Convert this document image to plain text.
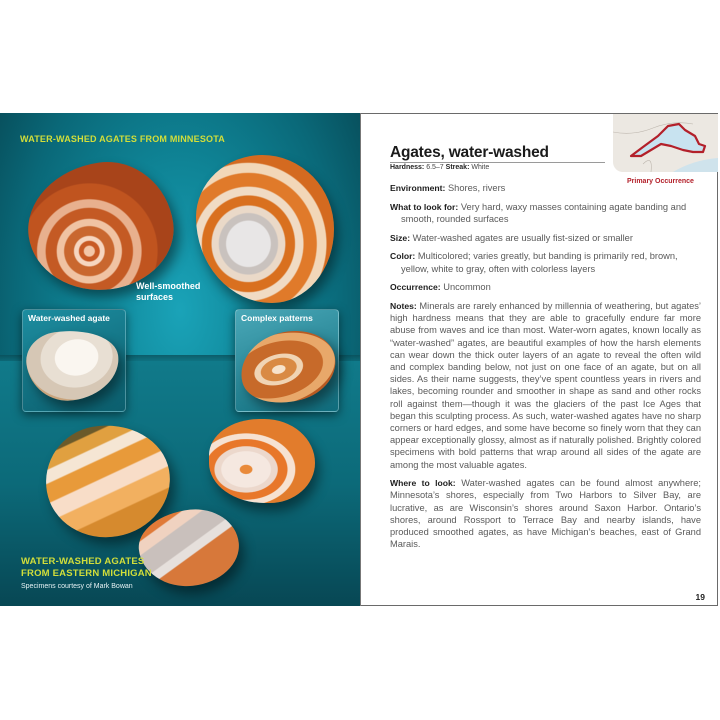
WATER-WASHED AGATES FROM MINNESOTA
Well-smoothed
surfaces
Water-washed agate	Complex patterns
WATER-WASHED AGATES
FROM EASTERN MICHIGAN
Specimens courtesy of Mark Bowan
Primary Occurrence
Agates, water-washed
Hardness: 6.5–7 Streak: White

Environment: Shores, rivers

What to look for: Very hard, waxy masses containing agate banding and smooth, rounded surfaces

Size: Water-washed agates are usually fist-sized or smaller

Color: Multicolored; varies greatly, but banding is primarily red, brown, yellow, white to gray, often with colorless layers

Occurrence: Uncommon

Notes: Minerals are rarely enhanced by millennia of weathering, but agates’ high hardness means that they are able to gracefully endure far more abuse from waves and ice than most. Water-worn agates, known locally as “water-washed” agates, are beautiful examples of how the harsh elements can wear down the thick outer layers of an agate to reveal the often wild and complex banding below, not just on one face of an agate, but on all sides. As their name suggests, they’ve spent countless years in rivers and lakes, becoming rounder and smoother in shape as sand and other rocks roll against them—though it was the glaciers of the past Ice Ages that began this sculpting process. As such, water-washed agates have no sharp corners or hard edges, and some have become so finely worn that they can appear exceptionally glossy, almost as if naturally polished. Brightly colored specimens with bold patterns that wrap around all sides of the agate are among the most valuable agates.

Where to look: Water-washed agates can be found almost anywhere; Minnesota’s shores, especially from Two Harbors to Silver Bay, are lucrative, as are Wisconsin’s shores around Saxon Harbor. Ontario’s shores, around Rossport to Terrace Bay and nearby islands, have produced smoothed agates, as have Michigan’s beaches, east of Grand Marais.

19
